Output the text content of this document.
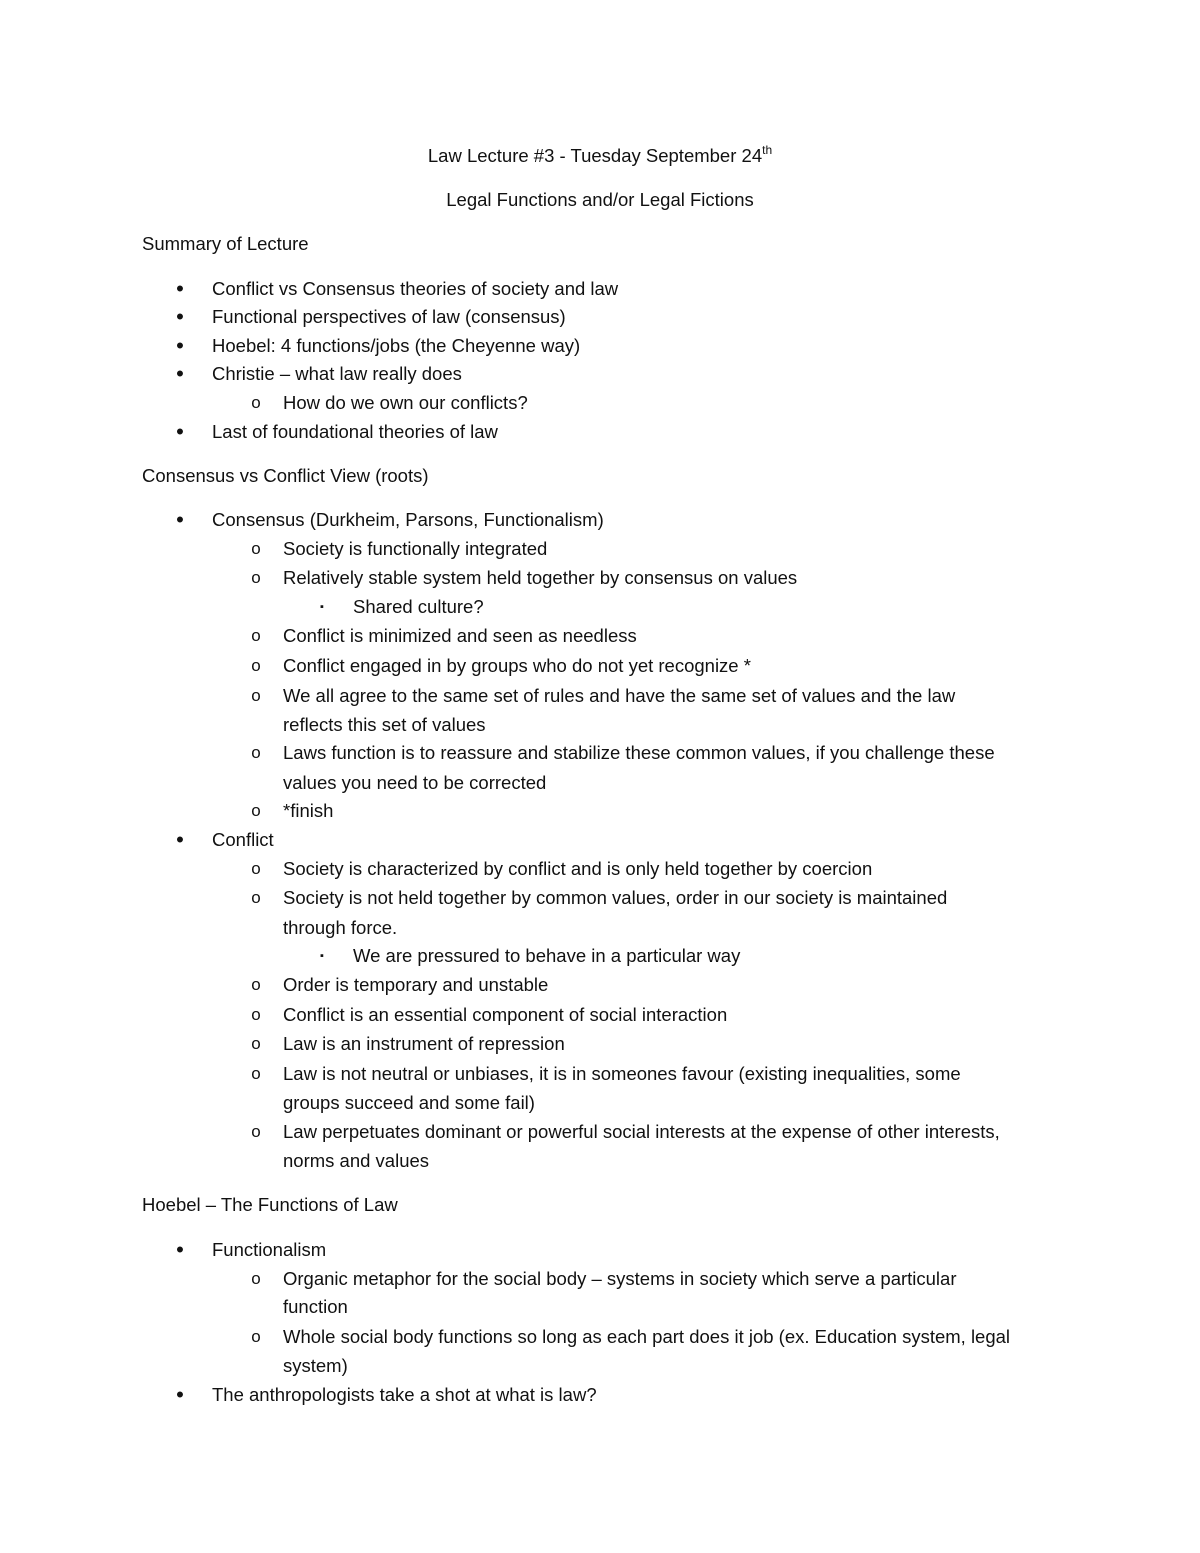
Law Lecture #3 - Tuesday September 24th
Legal Functions and/or Legal Fictions
Summary of Lecture
• Conflict vs Consensus theories of society and law
• Functional perspectives of law (consensus)
• Hoebel: 4 functions/jobs (the Cheyenne way)
• Christie – what law really does
o How do we own our conflicts?
• Last of foundational theories of law
Consensus vs Conflict View (roots)
• Consensus (Durkheim, Parsons, Functionalism)
o Society is functionally integrated
o Relatively stable system held together by consensus on values
▪	Shared culture?
o Conflict is minimized and seen as needless
o Conflict engaged in by groups who do not yet recognize *
o We all agree to the same set of rules and have the same set of values and the law
reflects this set of values
o Laws function is to reassure and stabilize these common values, if you challenge these
values you need to be corrected
o *finish
• Conflict
o Society is characterized by conflict and is only held together by coercion
o Society is not held together by common values, order in our society is maintained
through force.
▪	We are pressured to behave in a particular way
o Order is temporary and unstable
o Conflict is an essential component of social interaction
o Law is an instrument of repression
o Law is not neutral or unbiases, it is in someones favour (existing inequalities, some
groups succeed and some fail)
o Law perpetuates dominant or powerful social interests at the expense of other interests,
norms and values
Hoebel – The Functions of Law
• Functionalism
o Organic metaphor for the social body – systems in society which serve a particular
function
o Whole social body functions so long as each part does it job (ex. Education system, legal
system)
• The anthropologists take a shot at what is law?
